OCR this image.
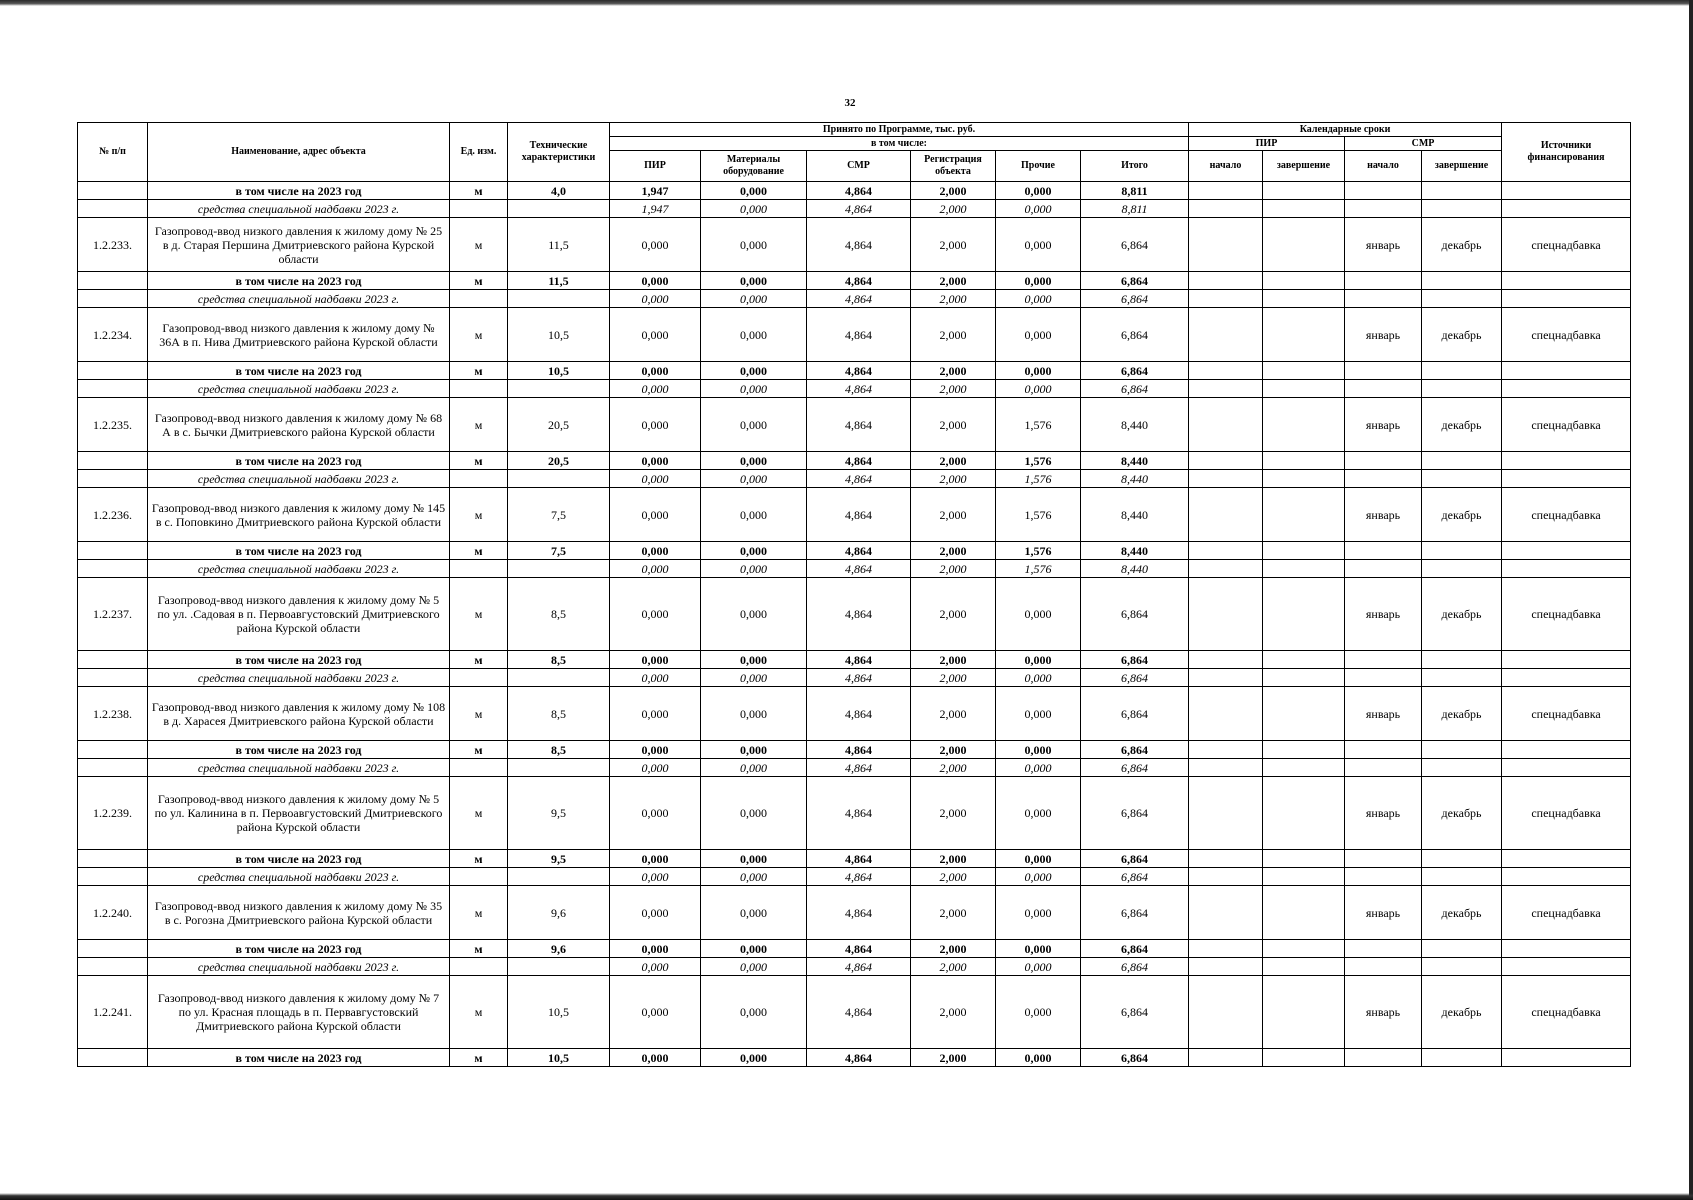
32
№ п/п	Наименование, адрес объекта	Ед. изм.	Технические характеристики	Принято по Программе, тыс. руб.						Календарные сроки				Источники финансирования
				в том числе:						ПИР		СМР		
				ПИР	Материалы оборудование	СМР	Регистрация объекта	Прочие	Итого	начало	завершение	начало	завершение	
	в том числе на 2023 год	м	4,0	1,947	0,000	4,864	2,000	0,000	8,811					
	средства специальной надбавки 2023 г.			1,947	0,000	4,864	2,000	0,000	8,811					
1.2.233.	Газопровод-ввод низкого давления к жилому дому № 25 в д. Старая Першина Дмитриевского района Курской области	м	11,5	0,000	0,000	4,864	2,000	0,000	6,864			январь	декабрь	спецнадбавка
	в том числе на 2023 год	м	11,5	0,000	0,000	4,864	2,000	0,000	6,864					
	средства специальной надбавки 2023 г.			0,000	0,000	4,864	2,000	0,000	6,864					
1.2.234.	Газопровод-ввод низкого давления к жилому дому № 36А в п. Нива Дмитриевского района Курской области	м	10,5	0,000	0,000	4,864	2,000	0,000	6,864			январь	декабрь	спецнадбавка
	в том числе на 2023 год	м	10,5	0,000	0,000	4,864	2,000	0,000	6,864					
	средства специальной надбавки 2023 г.			0,000	0,000	4,864	2,000	0,000	6,864					
1.2.235.	Газопровод-ввод низкого давления к жилому дому № 68 А в с. Бычки Дмитриевского района Курской области	м	20,5	0,000	0,000	4,864	2,000	1,576	8,440			январь	декабрь	спецнадбавка
	в том числе на 2023 год	м	20,5	0,000	0,000	4,864	2,000	1,576	8,440					
	средства специальной надбавки 2023 г.			0,000	0,000	4,864	2,000	1,576	8,440					
1.2.236.	Газопровод-ввод низкого давления к жилому дому № 145 в с. Поповкино Дмитриевского района Курской области	м	7,5	0,000	0,000	4,864	2,000	1,576	8,440			январь	декабрь	спецнадбавка
	в том числе на 2023 год	м	7,5	0,000	0,000	4,864	2,000	1,576	8,440					
	средства специальной надбавки 2023 г.			0,000	0,000	4,864	2,000	1,576	8,440					
1.2.237.	Газопровод-ввод низкого давления к жилому дому № 5 по ул. .Садовая в п. Первоавгустовский Дмитриевского района Курской области	м	8,5	0,000	0,000	4,864	2,000	0,000	6,864			январь	декабрь	спецнадбавка
	в том числе на 2023 год	м	8,5	0,000	0,000	4,864	2,000	0,000	6,864					
	средства специальной надбавки 2023 г.			0,000	0,000	4,864	2,000	0,000	6,864					
1.2.238.	Газопровод-ввод низкого давления к жилому дому № 108 в д. Харасея Дмитриевского района Курской области	м	8,5	0,000	0,000	4,864	2,000	0,000	6,864			январь	декабрь	спецнадбавка
	в том числе на 2023 год	м	8,5	0,000	0,000	4,864	2,000	0,000	6,864					
	средства специальной надбавки 2023 г.			0,000	0,000	4,864	2,000	0,000	6,864					
1.2.239.	Газопровод-ввод низкого давления к жилому дому № 5 по ул. Калинина в п. Первоавгустовский Дмитриевского района Курской области	м	9,5	0,000	0,000	4,864	2,000	0,000	6,864			январь	декабрь	спецнадбавка
	в том числе на 2023 год	м	9,5	0,000	0,000	4,864	2,000	0,000	6,864					
	средства специальной надбавки 2023 г.			0,000	0,000	4,864	2,000	0,000	6,864					
1.2.240.	Газопровод-ввод низкого давления к жилому дому № 35 в с. Рогозна Дмитриевского района Курской области	м	9,6	0,000	0,000	4,864	2,000	0,000	6,864			январь	декабрь	спецнадбавка
	в том числе на 2023 год	м	9,6	0,000	0,000	4,864	2,000	0,000	6,864					
	средства специальной надбавки 2023 г.			0,000	0,000	4,864	2,000	0,000	6,864					
1.2.241.	Газопровод-ввод низкого давления к жилому дому № 7 по ул. Красная площадь в п. Первавгустовский Дмитриевского района Курской области	м	10,5	0,000	0,000	4,864	2,000	0,000	6,864			январь	декабрь	спецнадбавка
	в том числе на 2023 год	м	10,5	0,000	0,000	4,864	2,000	0,000	6,864					
